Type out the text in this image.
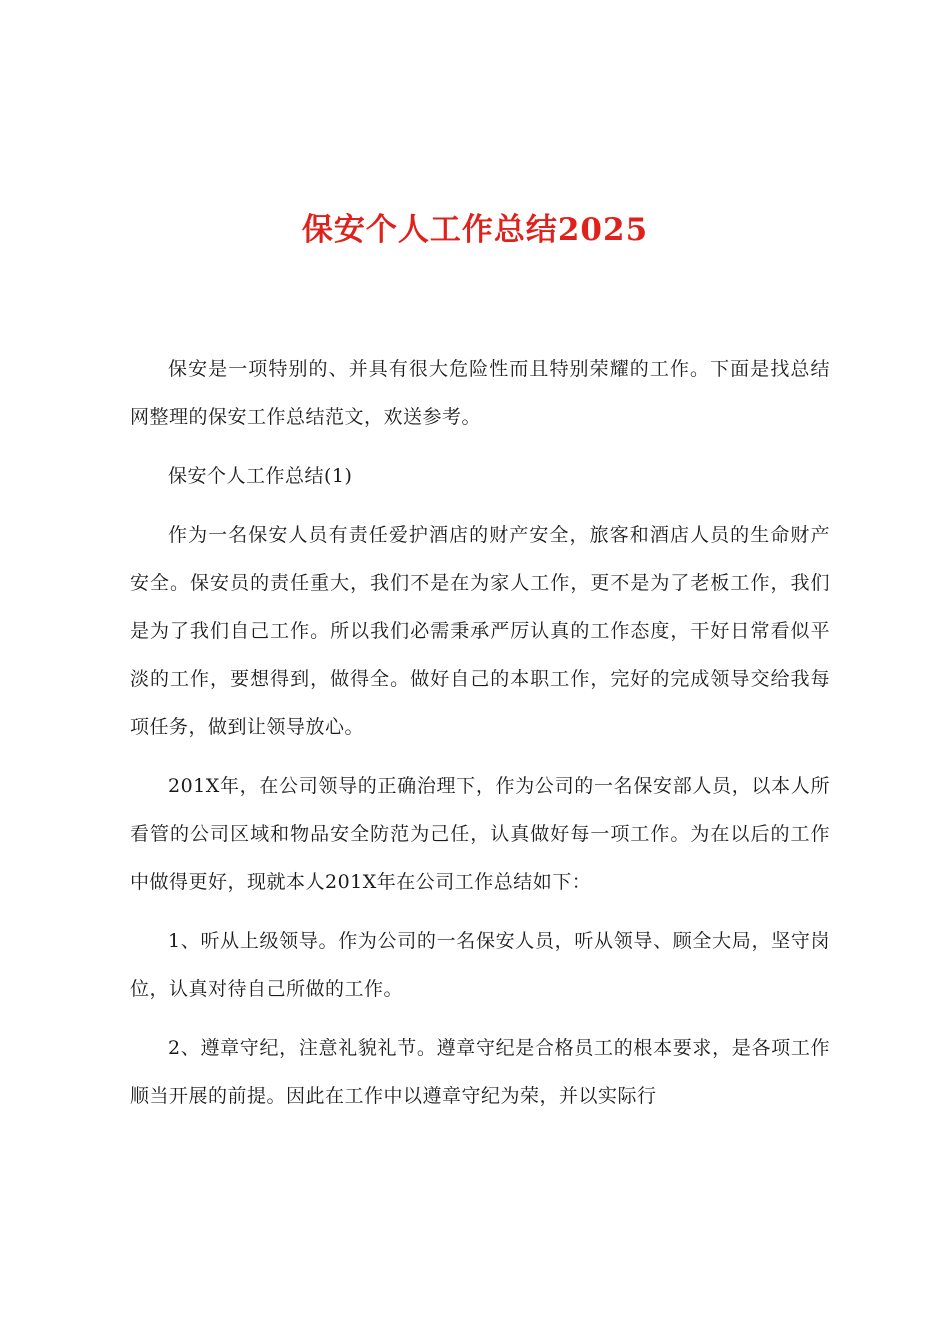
保安个人工作总结2025

保安是一项特别的、并具有很大危险性而且特别荣耀的工作。下面是找总结网整理的保安工作总结范文，欢送参考。

保安个人工作总结(1)

作为一名保安人员有责任爱护酒店的财产安全，旅客和酒店人员的生命财产安全。保安员的责任重大，我们不是在为家人工作，更不是为了老板工作，我们是为了我们自己工作。所以我们必需秉承严厉认真的工作态度，干好日常看似平淡的工作，要想得到，做得全。做好自己的本职工作，完好的完成领导交给我每项任务，做到让领导放心。

201X年，在公司领导的正确治理下，作为公司的一名保安部人员，以本人所看管的公司区域和物品安全防范为己任，认真做好每一项工作。为在以后的工作中做得更好，现就本人201X年在公司工作总结如下：

1、听从上级领导。作为公司的一名保安人员，听从领导、顾全大局，坚守岗位，认真对待自己所做的工作。

2、遵章守纪，注意礼貌礼节。遵章守纪是合格员工的根本要求，是各项工作顺当开展的前提。因此在工作中以遵章守纪为荣，并以实际行
